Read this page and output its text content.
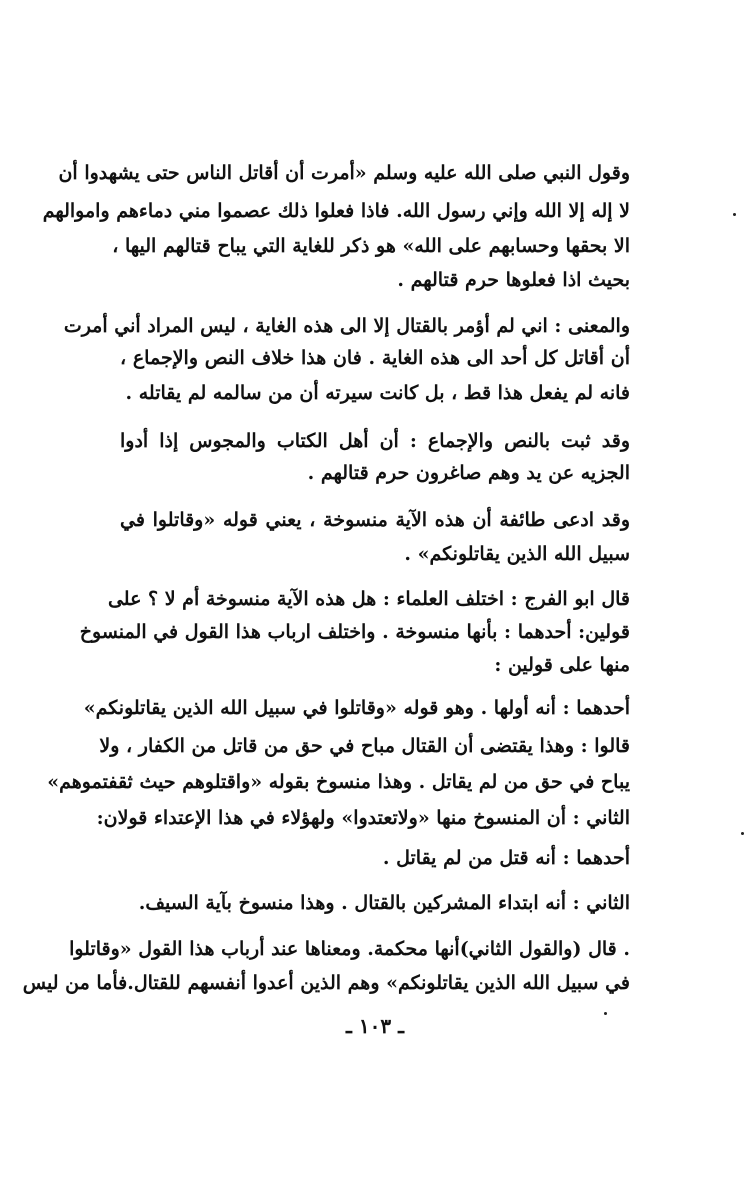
وقول النبي صلى الله عليه وسلم «أمرت أن أقاتل الناس حتى يشهدوا أن
لا إله إلا الله وإني رسول الله. فاذا فعلوا ذلك عصموا مني دماءهم واموالهم
الا بحقها وحسابهم على الله» هو ذكر للغاية التي يباح قتالهم اليها ،
بحيث اذا فعلوها حرم قتالهم .
والمعنى : اني لم أؤمر بالقتال إلا الى هذه الغاية ، ليس المراد أني أمرت
أن أقاتل كل أحد الى هذه الغاية . فان هذا خلاف النص والإجماع ،
فانه لم يفعل هذا قط ، بل كانت سيرته أن من سالمه لم يقاتله .
وقد ثبت بالنص والإجماع : أن أهل الكتاب والمجوس إذا أدوا
الجزيه عن يد وهم صاغرون حرم قتالهم .
وقد ادعى طائفة أن هذه الآية منسوخة ، يعني قوله «وقاتلوا في
سبيل الله الذين يقاتلونكم» .
قال ابو الفرج : اختلف العلماء : هل هذه الآية منسوخة أم لا ؟ على
قولين: أحدهما : بأنها منسوخة . واختلف ارباب هذا القول في المنسوخ
منها على قولين :
أحدهما : أنه أولها . وهو قوله «وقاتلوا في سبيل الله الذين يقاتلونكم»
قالوا : وهذا يقتضى أن القتال مباح في حق من قاتل من الكفار ، ولا
يباح في حق من لم يقاتل . وهذا منسوخ بقوله «واقتلوهم حيث ثقفتموهم»
الثاني : أن المنسوخ منها «ولاتعتدوا» ولهؤلاء في هذا الإعتداء قولان:
أحدهما : أنه قتل من لم يقاتل .
الثاني : أنه ابتداء المشركين بالقتال . وهذا منسوخ بآية السيف.
. قال (والقول الثاني)أنها محكمة. ومعناها عند أرباب هذا القول «وقاتلوا
في سبيل الله الذين يقاتلونكم» وهم الذين أعدوا أنفسهم للقتال.فأما من ليس
ـ ١٠٣ ـ
